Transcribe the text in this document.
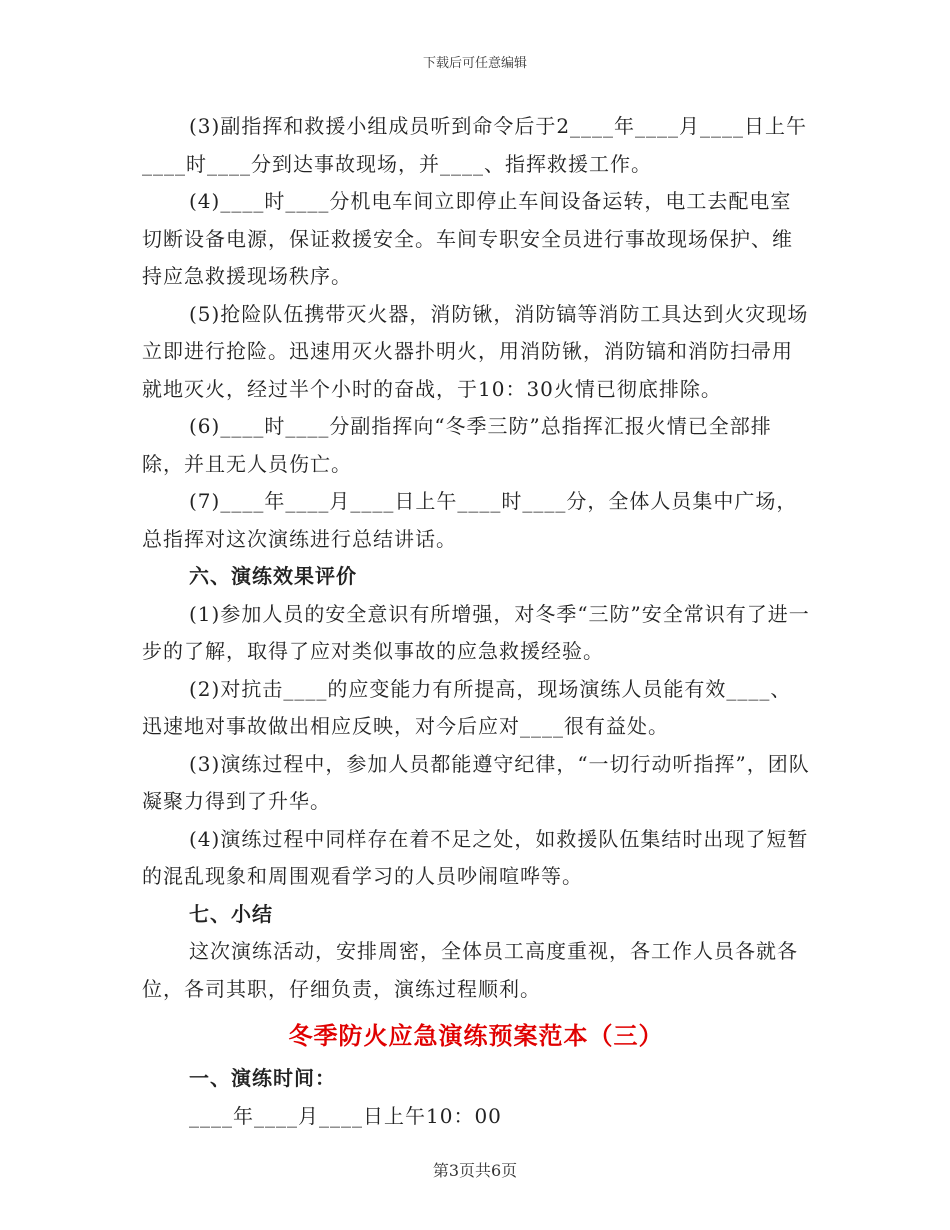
下载后可任意编辑

(3)副指挥和救援小组成员听到命令后于2____年____月____日上午____时____分到达事故现场，并____、指挥救援工作。

(4)____时____分机电车间立即停止车间设备运转，电工去配电室切断设备电源，保证救援安全。车间专职安全员进行事故现场保护、维持应急救援现场秩序。

(5)抢险队伍携带灭火器，消防锹，消防镐等消防工具达到火灾现场立即进行抢险。迅速用灭火器扑明火，用消防锹，消防镐和消防扫帚用就地灭火，经过半个小时的奋战，于10：30火情已彻底排除。

(6)____时____分副指挥向“冬季三防”总指挥汇报火情已全部排除，并且无人员伤亡。

(7)____年____月____日上午____时____分，全体人员集中广场，总指挥对这次演练进行总结讲话。

六、演练效果评价

(1)参加人员的安全意识有所增强，对冬季“三防”安全常识有了进一步的了解，取得了应对类似事故的应急救援经验。

(2)对抗击____的应变能力有所提高，现场演练人员能有效____、迅速地对事故做出相应反映，对今后应对____很有益处。

(3)演练过程中，参加人员都能遵守纪律，“一切行动听指挥”，团队凝聚力得到了升华。

(4)演练过程中同样存在着不足之处，如救援队伍集结时出现了短暂的混乱现象和周围观看学习的人员吵闹喧哗等。

七、小结

这次演练活动，安排周密，全体员工高度重视，各工作人员各就各位，各司其职，仔细负责，演练过程顺利。

冬季防火应急演练预案范本（三）

一、演练时间：

____年____月____日上午10：00

第3页共6页
